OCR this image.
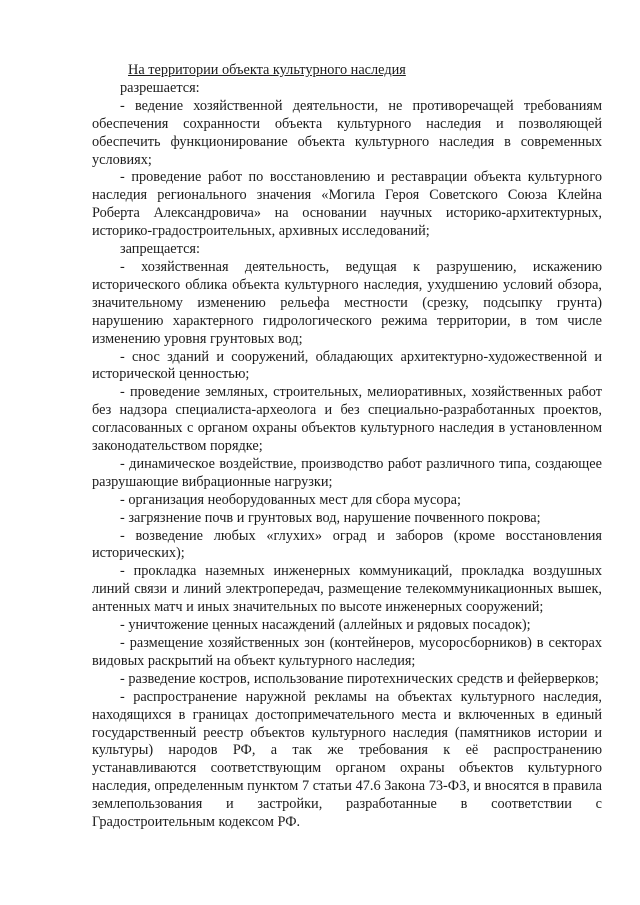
На территории объекта культурного наследия

разрешается:

- ведение хозяйственной деятельности, не противоречащей требованиям обеспечения сохранности объекта культурного наследия и позволяющей обеспечить функционирование объекта культурного наследия в современных условиях;

- проведение работ по восстановлению и реставрации объекта культурного наследия регионального значения «Могила Героя Советского Союза Клейна Роберта Александровича» на основании научных историко-архитектурных, историко-градостроительных, архивных исследований;

запрещается:

- хозяйственная деятельность, ведущая к разрушению, искажению исторического облика объекта культурного наследия, ухудшению условий обзора, значительному изменению рельефа местности (срезку, подсыпку грунта) нарушению характерного гидрологического режима территории, в том числе изменению уровня грунтовых вод;

- снос зданий и сооружений, обладающих архитектурно-художественной и исторической ценностью;

- проведение земляных, строительных, мелиоративных, хозяйственных работ без надзора специалиста-археолога и без специально-разработанных проектов, согласованных с органом охраны объектов культурного наследия в установленном законодательством порядке;

- динамическое воздействие, производство работ различного типа, создающее разрушающие вибрационные нагрузки;

- организация необорудованных мест для сбора мусора;

- загрязнение почв и грунтовых вод, нарушение почвенного покрова;

- возведение любых «глухих» оград и заборов (кроме восстановления исторических);

- прокладка наземных инженерных коммуникаций, прокладка воздушных линий связи и линий электропередач, размещение телекоммуникационных вышек, антенных матч и иных значительных по высоте инженерных сооружений;

- уничтожение ценных насаждений (аллейных и рядовых посадок);

- размещение хозяйственных зон (контейнеров, мусоросборников) в секторах видовых раскрытий на объект культурного наследия;

- разведение костров, использование пиротехнических средств и фейерверков;

- распространение наружной рекламы на объектах культурного наследия, находящихся в границах достопримечательного места и включенных в единый государственный реестр объектов культурного наследия (памятников истории и культуры) народов РФ, а так же требования к её распространению устанавливаются соответствующим органом охраны объектов культурного наследия, определенным пунктом 7 статьи 47.6 Закона 73-ФЗ, и вносятся в правила землепользования и застройки, разработанные в соответствии с Градостроительным кодексом РФ.
